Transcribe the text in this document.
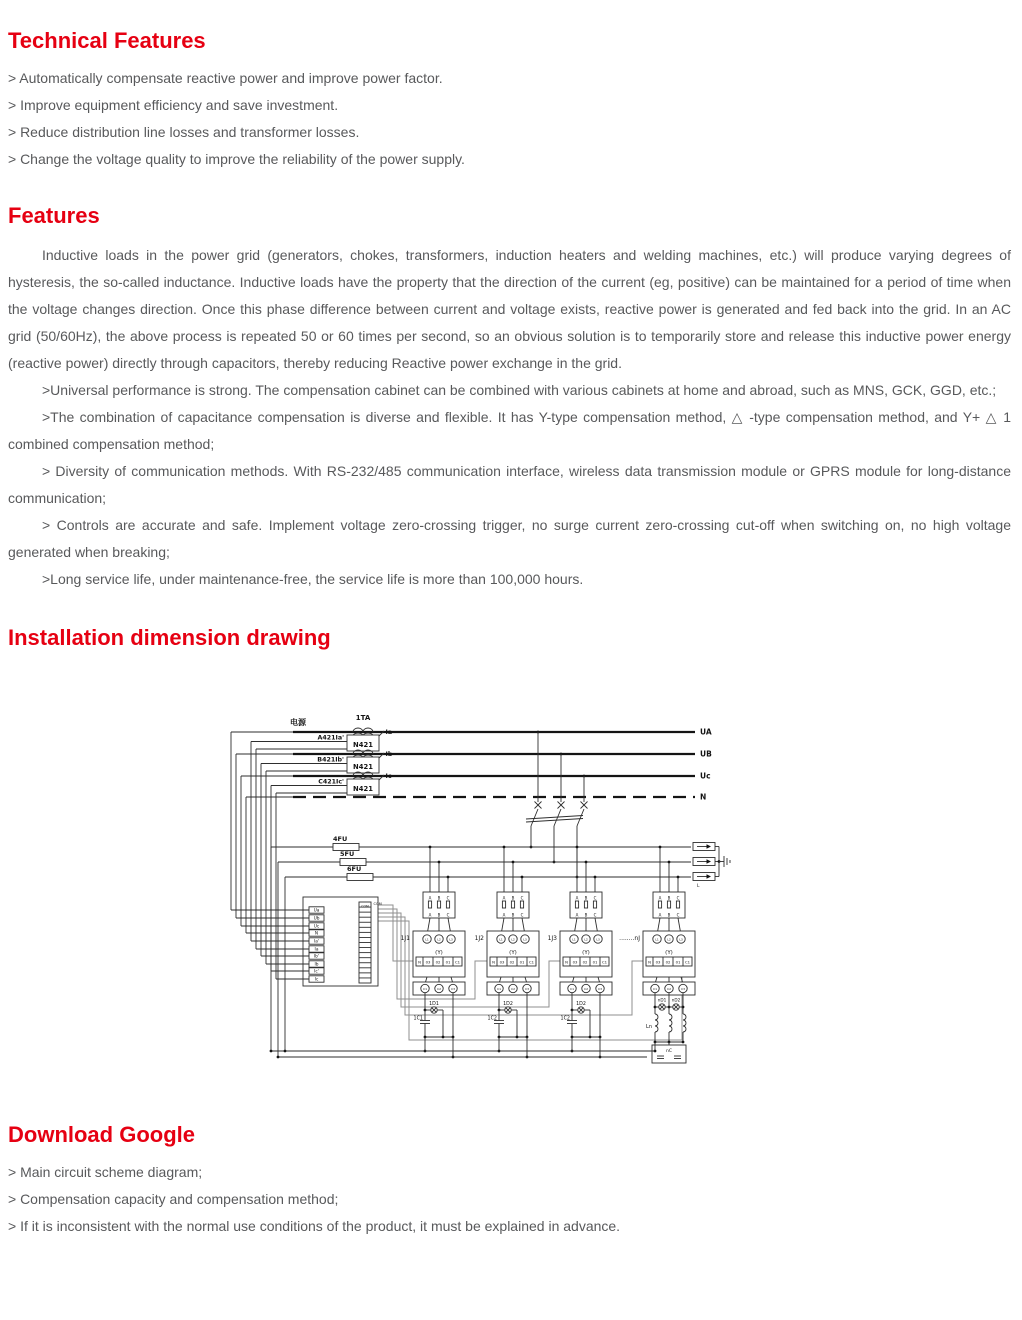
Technical Features

> Automatically compensate reactive power and improve power factor.

> Improve equipment efficiency and save investment.

> Reduce distribution line losses and transformer losses.

> Change the voltage quality to improve the reliability of the power supply.

Features

Inductive loads in the power grid (generators, chokes, transformers, induction heaters and welding machines, etc.) will produce varying degrees of hysteresis, the so-called inductance. Inductive loads have the property that the direction of the current (eg, positive) can be maintained for a period of time when the voltage changes direction. Once this phase difference between current and voltage exists, reactive power is generated and fed back into the grid. In an AC grid (50/60Hz), the above process is repeated 50 or 60 times per second, so an obvious solution is to temporarily store and release this inductive power energy (reactive power) directly through capacitors, thereby reducing Reactive power exchange in the grid.

>Universal performance is strong. The compensation cabinet can be combined with various cabinets at home and abroad, such as MNS, GCK, GGD, etc.;

>The combination of capacitance compensation is diverse and flexible. It has Y-type compensation method, △ -type compensation method, and Y+ △ 1 combined compensation method;

> Diversity of communication methods. With RS-232/485 communication interface, wireless data transmission module or GPRS module for long-distance communication;

> Controls are accurate and safe. Implement voltage zero-crossing trigger, no surge current zero-crossing cut-off when switching on, no high voltage generated when breaking;

>Long service life, under maintenance-free, the service life is more than 100,000 hours.

Installation dimension drawing
UA
UB
Uc
N
电源	1TA
N421
A421Ia'
Ia
N421
B421Ib'
Ib
N421
C421Ic'
Ic
Ua
Ub
Uc
N
Ia'
Ia
Ib'
Ib
Ic'
Ic
COM
COM
4FU
5FU
6FU
L
A
A
B
B
C
C
L1	L2	L3
(Y)
N 03 02 01 C1
1J1
C1	C2	C3
1D1
1C1
A
A
B
B
C
C
L1	L2	L3
(Y)
N 03 02 01 C1
1J2
C1	C2	C3
1D2
1C2
A
A
B
B
C
C
L1	L2	L3
(Y)
N 03 02 01 C1
1J3
C1	C2	C3
1D2
1C2
A
A
B
B
C
C
L1	L2	L3
(Y)
N 03 02 01 C1
........nJ
C1	C2	C3
nD1 nD2
Ln
nC
Download Google

> Main circuit scheme diagram;

> Compensation capacity and compensation method;

> If it is inconsistent with the normal use conditions of the product, it must be explained in advance.
